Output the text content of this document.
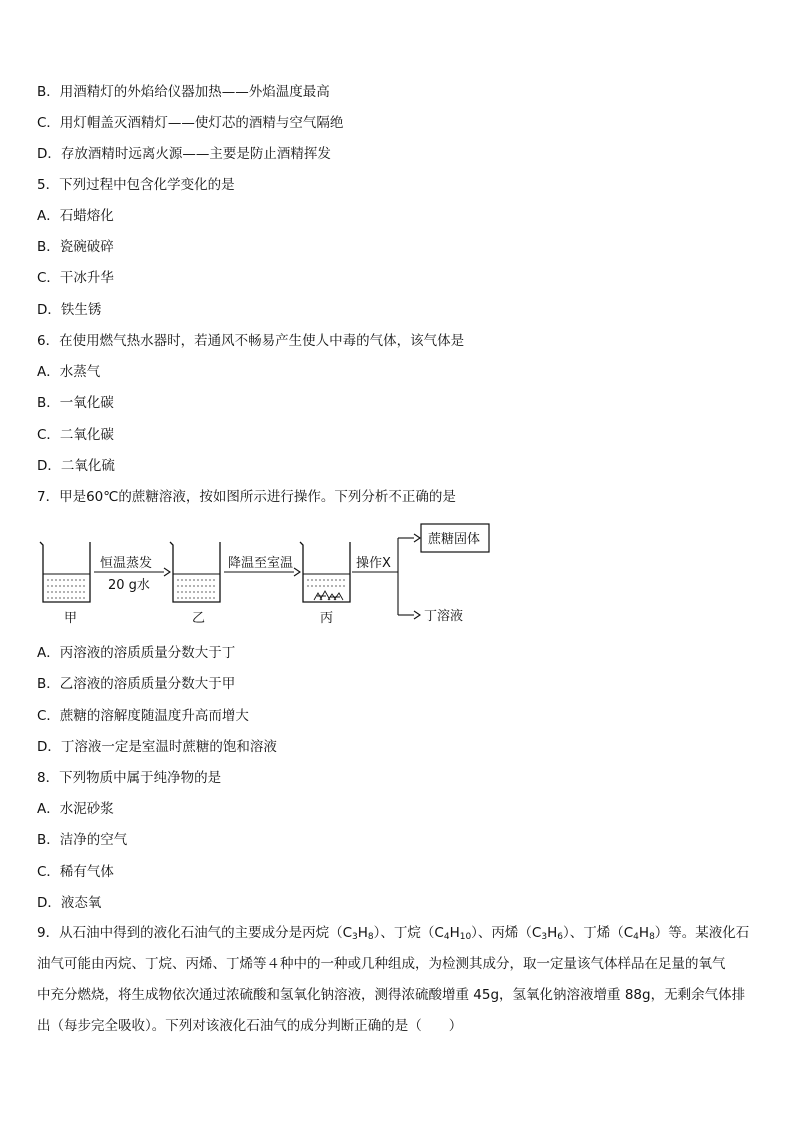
B．用酒精灯的外焰给仪器加热——外焰温度最高
C．用灯帽盖灭酒精灯——使灯芯的酒精与空气隔绝
D．存放酒精时远离火源——主要是防止酒精挥发
5．下列过程中包含化学变化的是
A．石蜡熔化
B．瓷碗破碎
C．干冰升华
D．铁生锈
6．在使用燃气热水器时，若通风不畅易产生使人中毒的气体，该气体是
A．水蒸气
B．一氧化碳
C．二氧化碳
D．二氧化硫
7．甲是60℃的蔗糖溶液，按如图所示进行操作。下列分析不正确的是
甲
恒温蒸发
20 g水
乙
降温至室温
丙
操作X
蔗糖固体
丁溶液
A．丙溶液的溶质质量分数大于丁
B．乙溶液的溶质质量分数大于甲
C．蔗糖的溶解度随温度升高而增大
D．丁溶液一定是室温时蔗糖的饱和溶液
8．下列物质中属于纯净物的是
A．水泥砂浆
B．洁净的空气
C．稀有气体
D．液态氧
9．从石油中得到的液化石油气的主要成分是丙烷$(C_3H_8)$、丁烷$(C_4H_{10})$、丙烯$(C_3H_6)$、丁烯$(C_4H_8)$等。某液化石
油气可能由丙烷、丁烷、丙烯、丁烯等４种中的一种或几种组成，为检测其成分，取一定量该气体样品在足量的氧气
中充分燃烧，将生成物依次通过浓硫酸和氢氧化钠溶液，测得浓硫酸增重 45g，氢氧化钠溶液增重 88g，无剩余气体排
出（每步完全吸收）。下列对该液化石油气的成分判断正确的是（　　）
